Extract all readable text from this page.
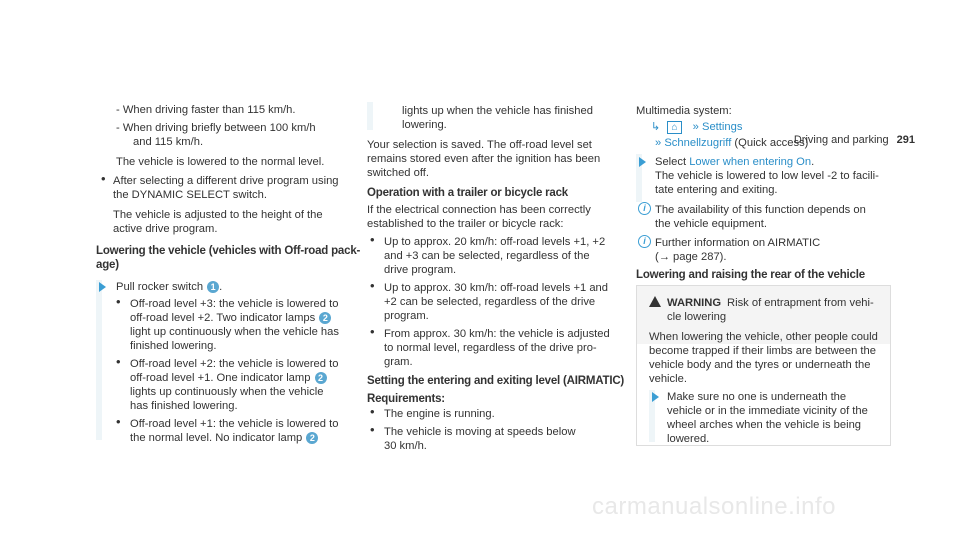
Driving and parking 291
- When driving faster than 115 km/h.
- When driving briefly between 100 km/h
and 115 km/h.
The vehicle is lowered to the normal level.
• After selecting a different drive program using
the DYNAMIC SELECT switch.
The vehicle is adjusted to the height of the
active drive program.
Lowering the vehicle (vehicles with Off-road pack-
age)
Pull rocker switch 1 .
• Off-road level +3: the vehicle is lowered to
off-road level +2. Two indicator lamps 2
light up continuously when the vehicle has
finished lowering.
• Off-road level +2: the vehicle is lowered to
off-road level +1. One indicator lamp 2
lights up continuously when the vehicle
has finished lowering.
• Off-road level +1: the vehicle is lowered to
the normal level. No indicator lamp 2
lights up when the vehicle has finished
lowering.
Your selection is saved. The off-road level set
remains stored even after the ignition has been
switched off.
Operation with a trailer or bicycle rack
If the electrical connection has been correctly
established to the trailer or bicycle rack:
• Up to approx. 20 km/h: off-road levels +1, +2
and +3 can be selected, regardless of the
drive program.
• Up to approx. 30 km/h: off-road levels +1 and
+2 can be selected, regardless of the drive
program.
• From approx. 30 km/h: the vehicle is adjusted
to normal level, regardless of the drive pro-
gram.
Setting the entering and exiting level (AIRMATIC)
Requirements:
• The engine is running.
• The vehicle is moving at speeds below
30 km/h.
Multimedia system:
↳ ⌂ » Settings
» Schnellzugriff (Quick access)
Select Lower when entering On.
The vehicle is lowered to low level -2 to facili-
tate entering and exiting.
i The availability of this function depends on
the vehicle equipment.
i Further information on AIRMATIC
(→ page 287).
Lowering and raising the rear of the vehicle
WARNING Risk of entrapment from vehi-
cle lowering
When lowering the vehicle, other people could
become trapped if their limbs are between the
vehicle body and the tyres or underneath the
vehicle.
Make sure no one is underneath the
vehicle or in the immediate vicinity of the
wheel arches when the vehicle is being
lowered.
carmanualsonline.info
